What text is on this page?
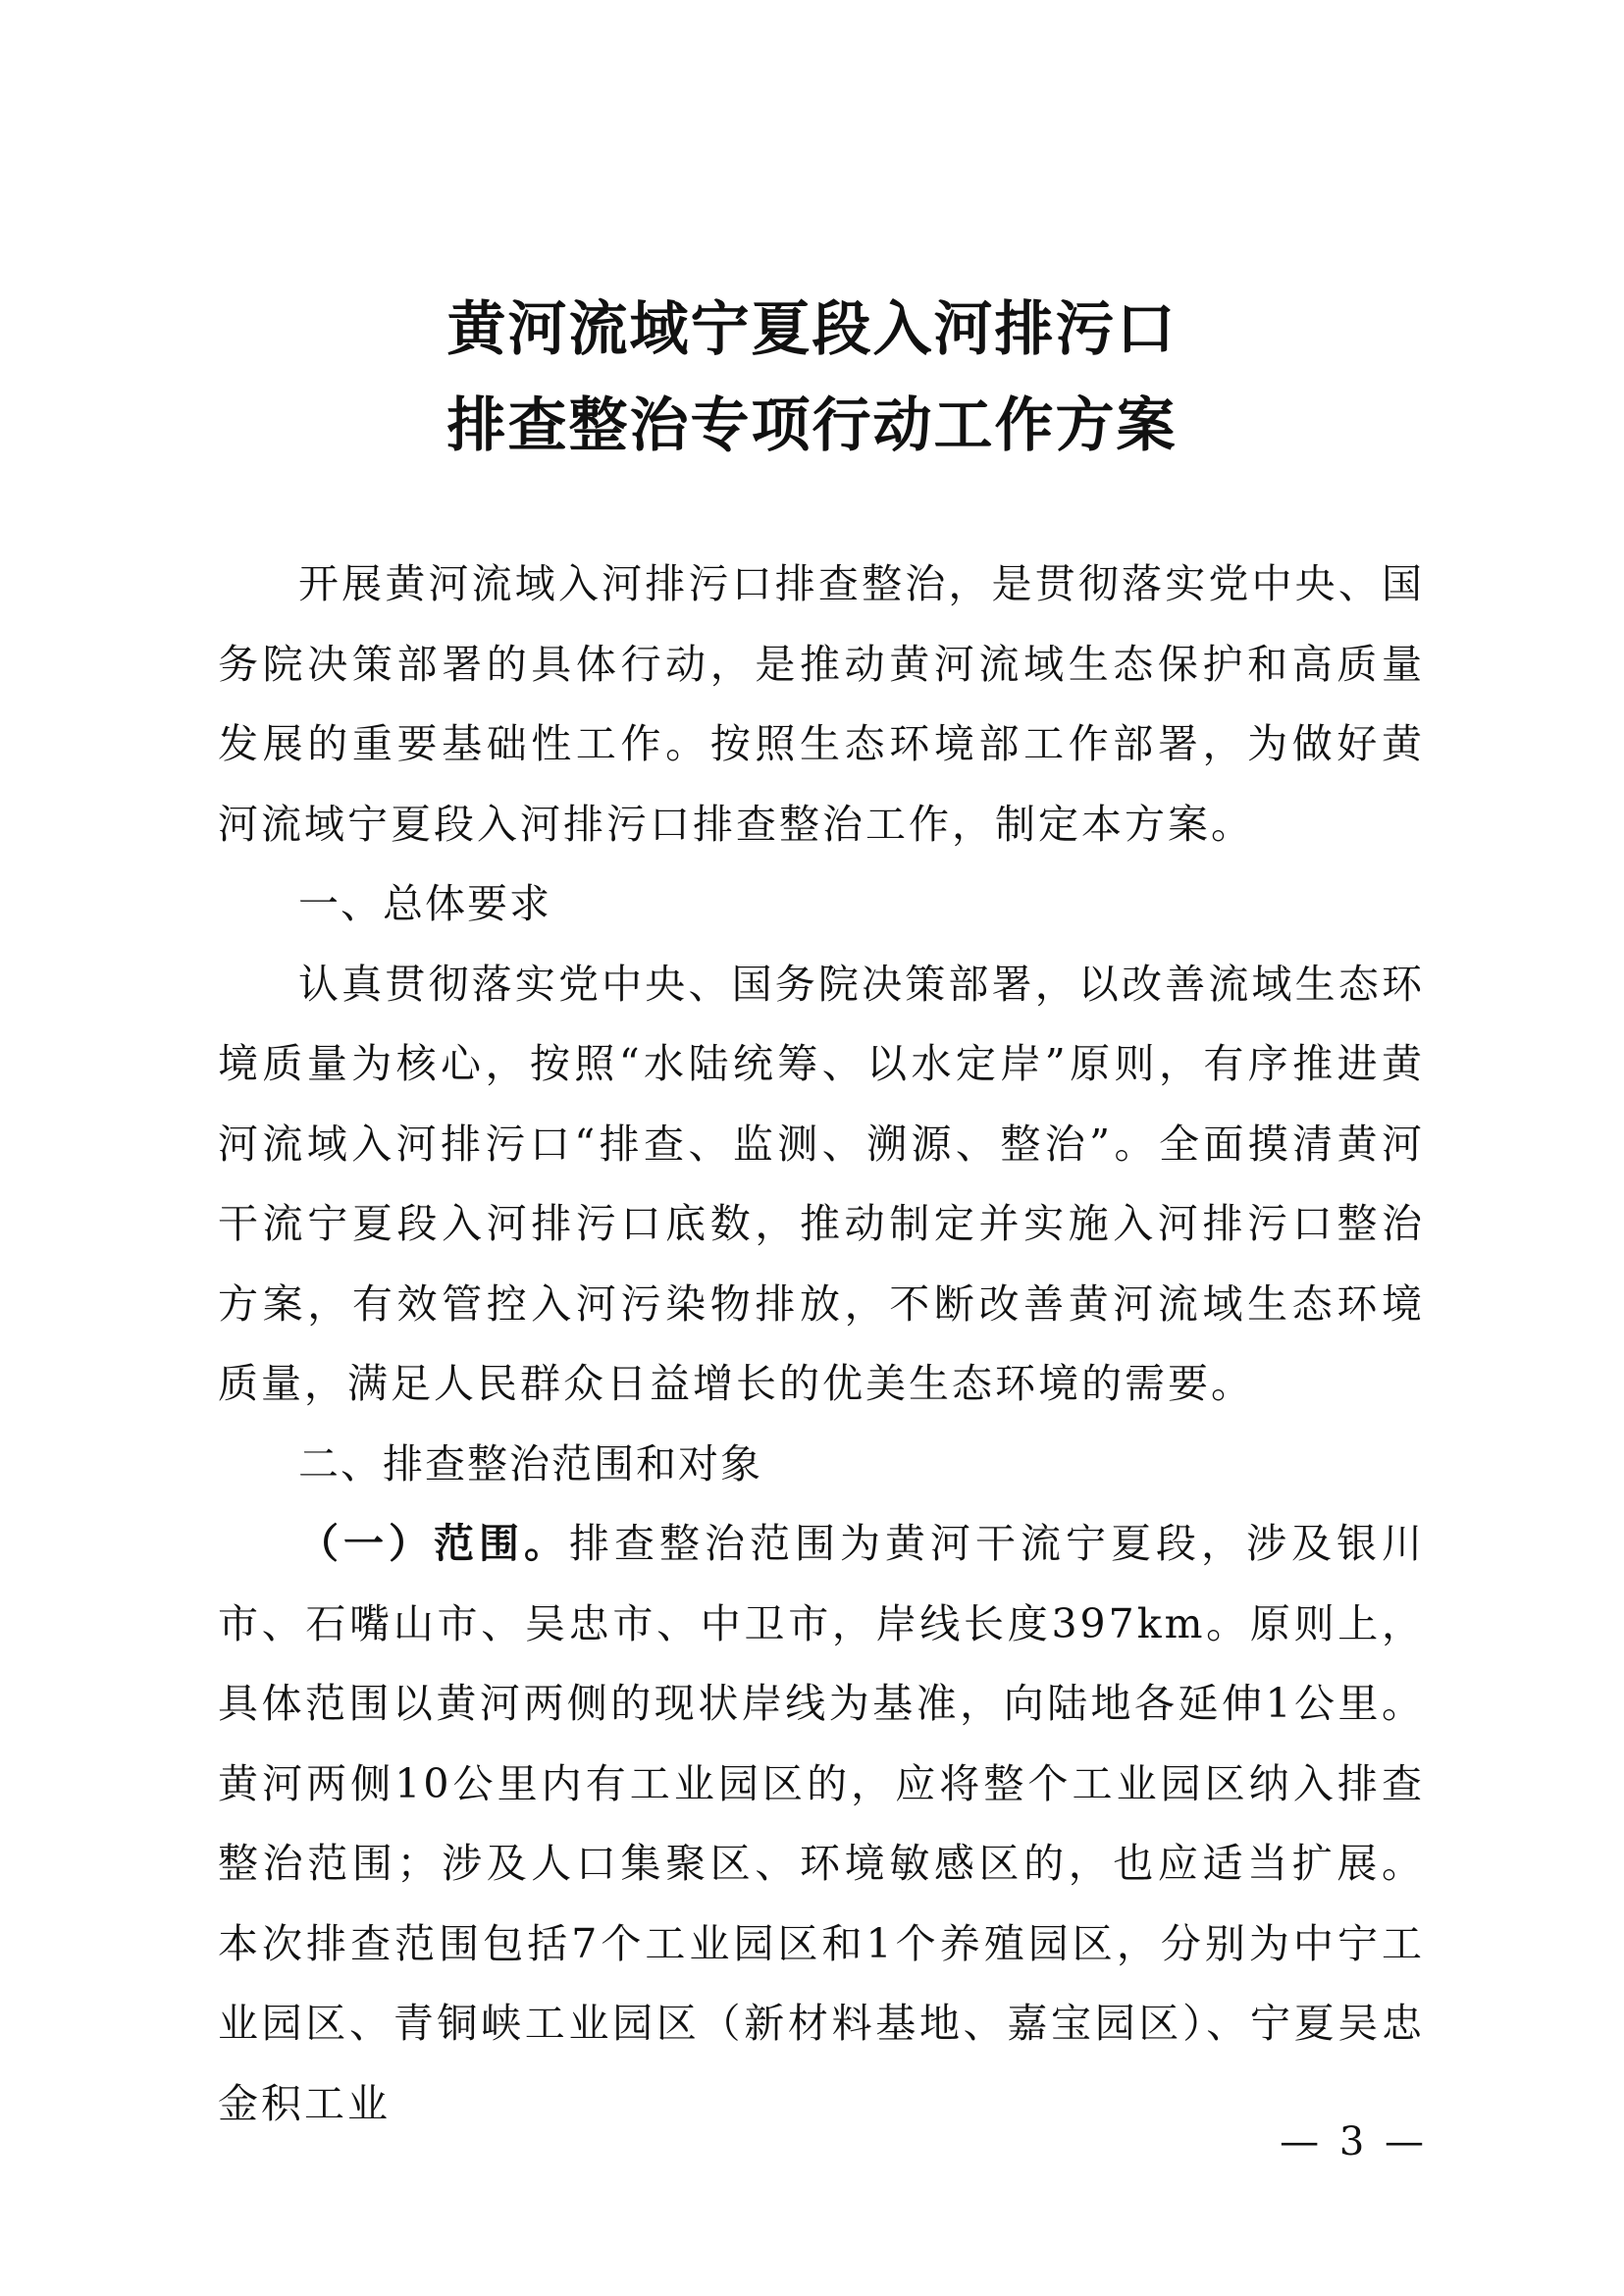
黄河流域宁夏段入河排污口
排查整治专项行动工作方案

开展黄河流域入河排污口排查整治，是贯彻落实党中央、国务院决策部署的具体行动，是推动黄河流域生态保护和高质量发展的重要基础性工作。按照生态环境部工作部署，为做好黄河流域宁夏段入河排污口排查整治工作，制定本方案。

一、总体要求

认真贯彻落实党中央、国务院决策部署，以改善流域生态环境质量为核心，按照“水陆统筹、以水定岸”原则，有序推进黄河流域入河排污口“排查、监测、溯源、整治”。全面摸清黄河干流宁夏段入河排污口底数，推动制定并实施入河排污口整治方案，有效管控入河污染物排放，不断改善黄河流域生态环境质量，满足人民群众日益增长的优美生态环境的需要。

二、排查整治范围和对象

（一）范围。排查整治范围为黄河干流宁夏段，涉及银川市、石嘴山市、吴忠市、中卫市，岸线长度397km。原则上，具体范围以黄河两侧的现状岸线为基准，向陆地各延伸1公里。黄河两侧10公里内有工业园区的，应将整个工业园区纳入排查整治范围；涉及人口集聚区、环境敏感区的，也应适当扩展。本次排查范围包括7个工业园区和1个养殖园区，分别为中宁工业园区、青铜峡工业园区（新材料基地、嘉宝园区）、宁夏吴忠金积工业

— 3 —
